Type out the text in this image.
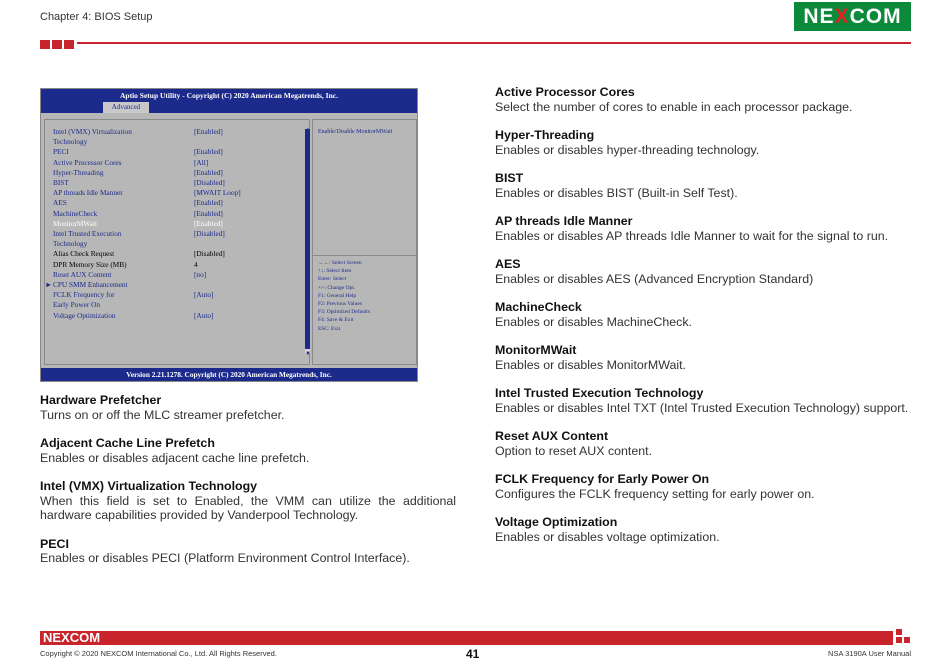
Chapter 4: BIOS Setup	NEXCOM
Aptio Setup Utility - Copyright (C) 2020 American Megatrends, Inc.
Advanced
▼
Intel (VMX) Virtualization	[Enabled]
Technology
PECI	[Enabled]
Active Processor Cores	[All]
Hyper-Threading	[Enabled]
BIST	[Disabled]
AP threads Idle Manner	[MWAIT Loop]
AES	[Enabled]
MachineCheck	[Enabled]
MonitorMWait	[Enabled]
Intel Trusted Execution	[Disabled]
Technology
Alias Check Request	[Disabled]
DPR Memory Size (MB)	4
Reset AUX Content	[no]
CPU SMM Enhancement
►
FCLK Frequency for	[Auto]
Early Power On
Voltage Optimization	[Auto]
Enable/Disable MonitorMWait
→←: Select Screen
↑↓: Select Item
Enter: Select
+/-: Change Opt.
F1: General Help
F2: Previous Values
F3: Optimized Defaults
F4: Save & Exit
ESC: Exit
Version 2.21.1278. Copyright (C) 2020 American Megatrends, Inc.
Hardware Prefetcher
Turns on or off the MLC streamer prefetcher.
Adjacent Cache Line Prefetch
Enables or disables adjacent cache line prefetch.
Intel (VMX) Virtualization Technology
When this field is set to Enabled, the VMM can utilize the additional hardware capabilities provided by Vanderpool Technology.
PECI
Enables or disables PECI (Platform Environment Control Interface).
Active Processor Cores
Select the number of cores to enable in each processor package.
Hyper-Threading
Enables or disables hyper-threading technology.
BIST
Enables or disables BIST (Built-in Self Test).
AP threads Idle Manner
Enables or disables AP threads Idle Manner to wait for the signal to run.
AES
Enables or disables AES (Advanced Encryption Standard)
MachineCheck
Enables or disables MachineCheck.
MonitorMWait
Enables or disables MonitorMWait.
Intel Trusted Execution Technology
Enables or disables Intel TXT (Intel Trusted Execution Technology) support.
Reset AUX Content
Option to reset AUX content.
FCLK Frequency for Early Power On
Configures the FCLK frequency setting for early power on.
Voltage Optimization
Enables or disables voltage optimization.
NEXCOM
Copyright © 2020 NEXCOM International Co., Ltd. All Rights Reserved.	41	NSA 3190A User Manual
